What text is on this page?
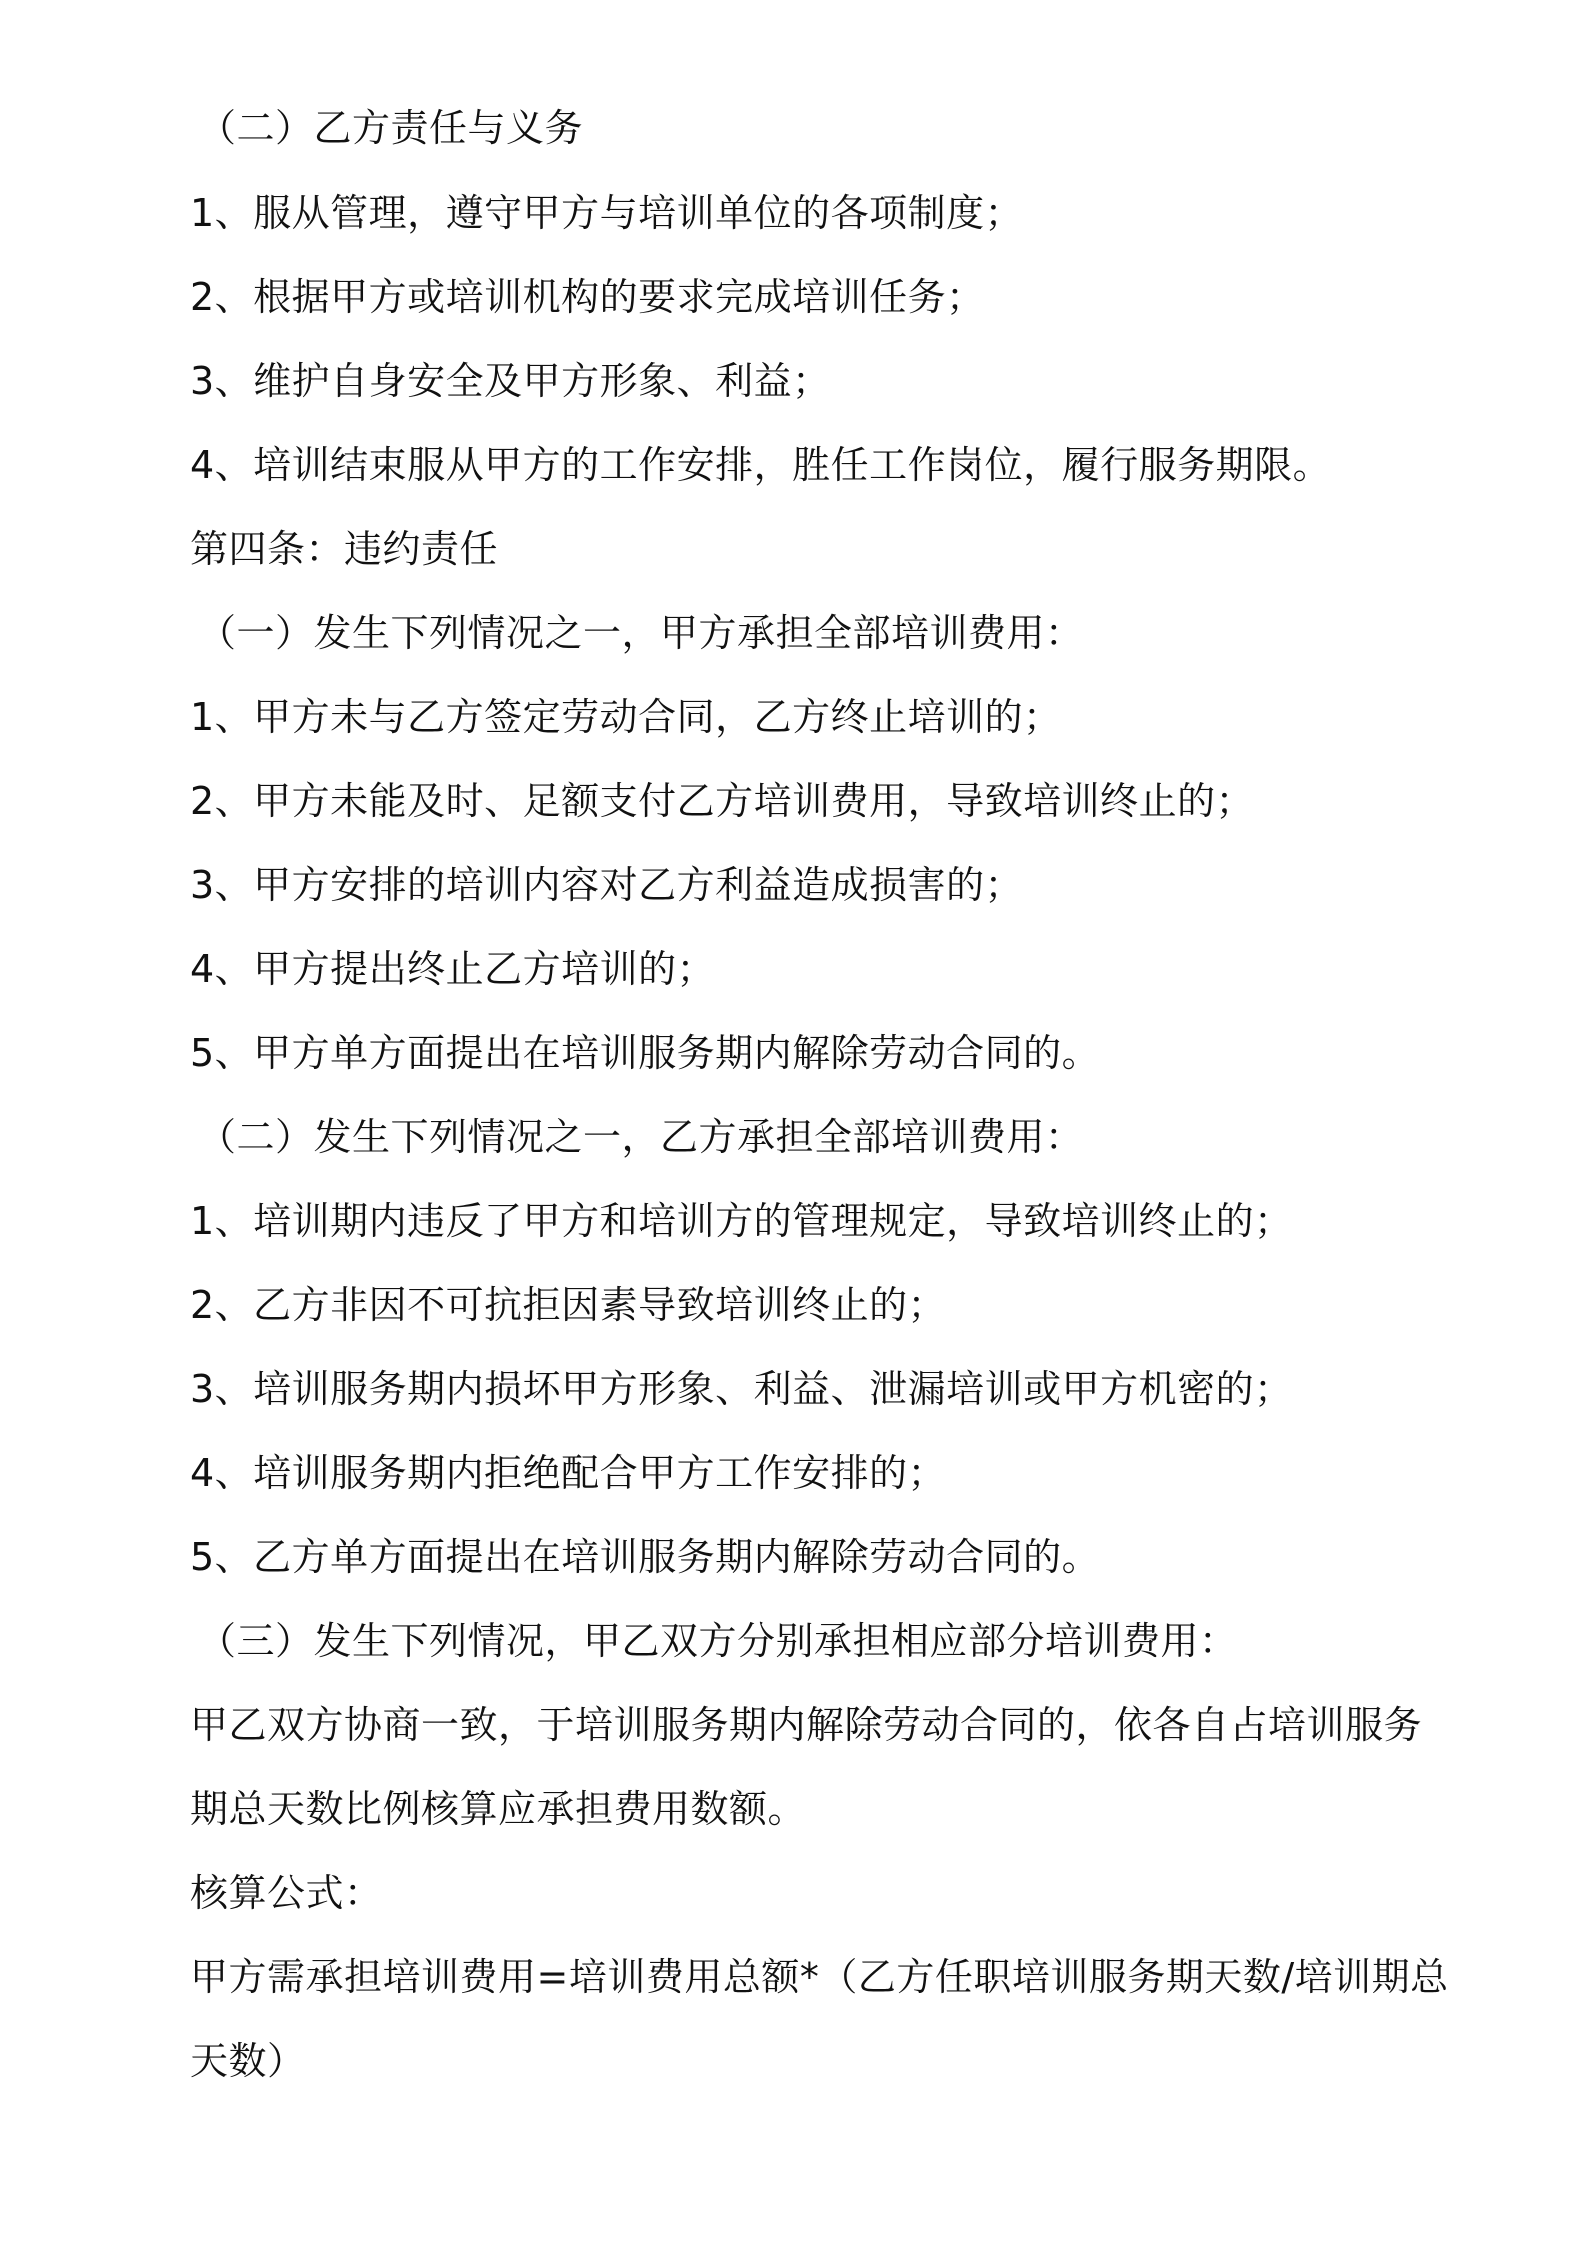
（二）乙方责任与义务
1、服从管理，遵守甲方与培训单位的各项制度；
2、根据甲方或培训机构的要求完成培训任务；
3、维护自身安全及甲方形象、利益；
4、培训结束服从甲方的工作安排，胜任工作岗位，履行服务期限。
第四条：违约责任
（一）发生下列情况之一，甲方承担全部培训费用：
1、甲方未与乙方签定劳动合同，乙方终止培训的；
2、甲方未能及时、足额支付乙方培训费用，导致培训终止的；
3、甲方安排的培训内容对乙方利益造成损害的；
4、甲方提出终止乙方培训的；
5、甲方单方面提出在培训服务期内解除劳动合同的。
（二）发生下列情况之一，乙方承担全部培训费用：
1、培训期内违反了甲方和培训方的管理规定，导致培训终止的；
2、乙方非因不可抗拒因素导致培训终止的；
3、培训服务期内损坏甲方形象、利益、泄漏培训或甲方机密的；
4、培训服务期内拒绝配合甲方工作安排的；
5、乙方单方面提出在培训服务期内解除劳动合同的。
（三）发生下列情况，甲乙双方分别承担相应部分培训费用：
甲乙双方协商一致，于培训服务期内解除劳动合同的，依各自占培训服务
期总天数比例核算应承担费用数额。
核算公式：
甲方需承担培训费用=培训费用总额*（乙方任职培训服务期天数/培训期总
天数）
